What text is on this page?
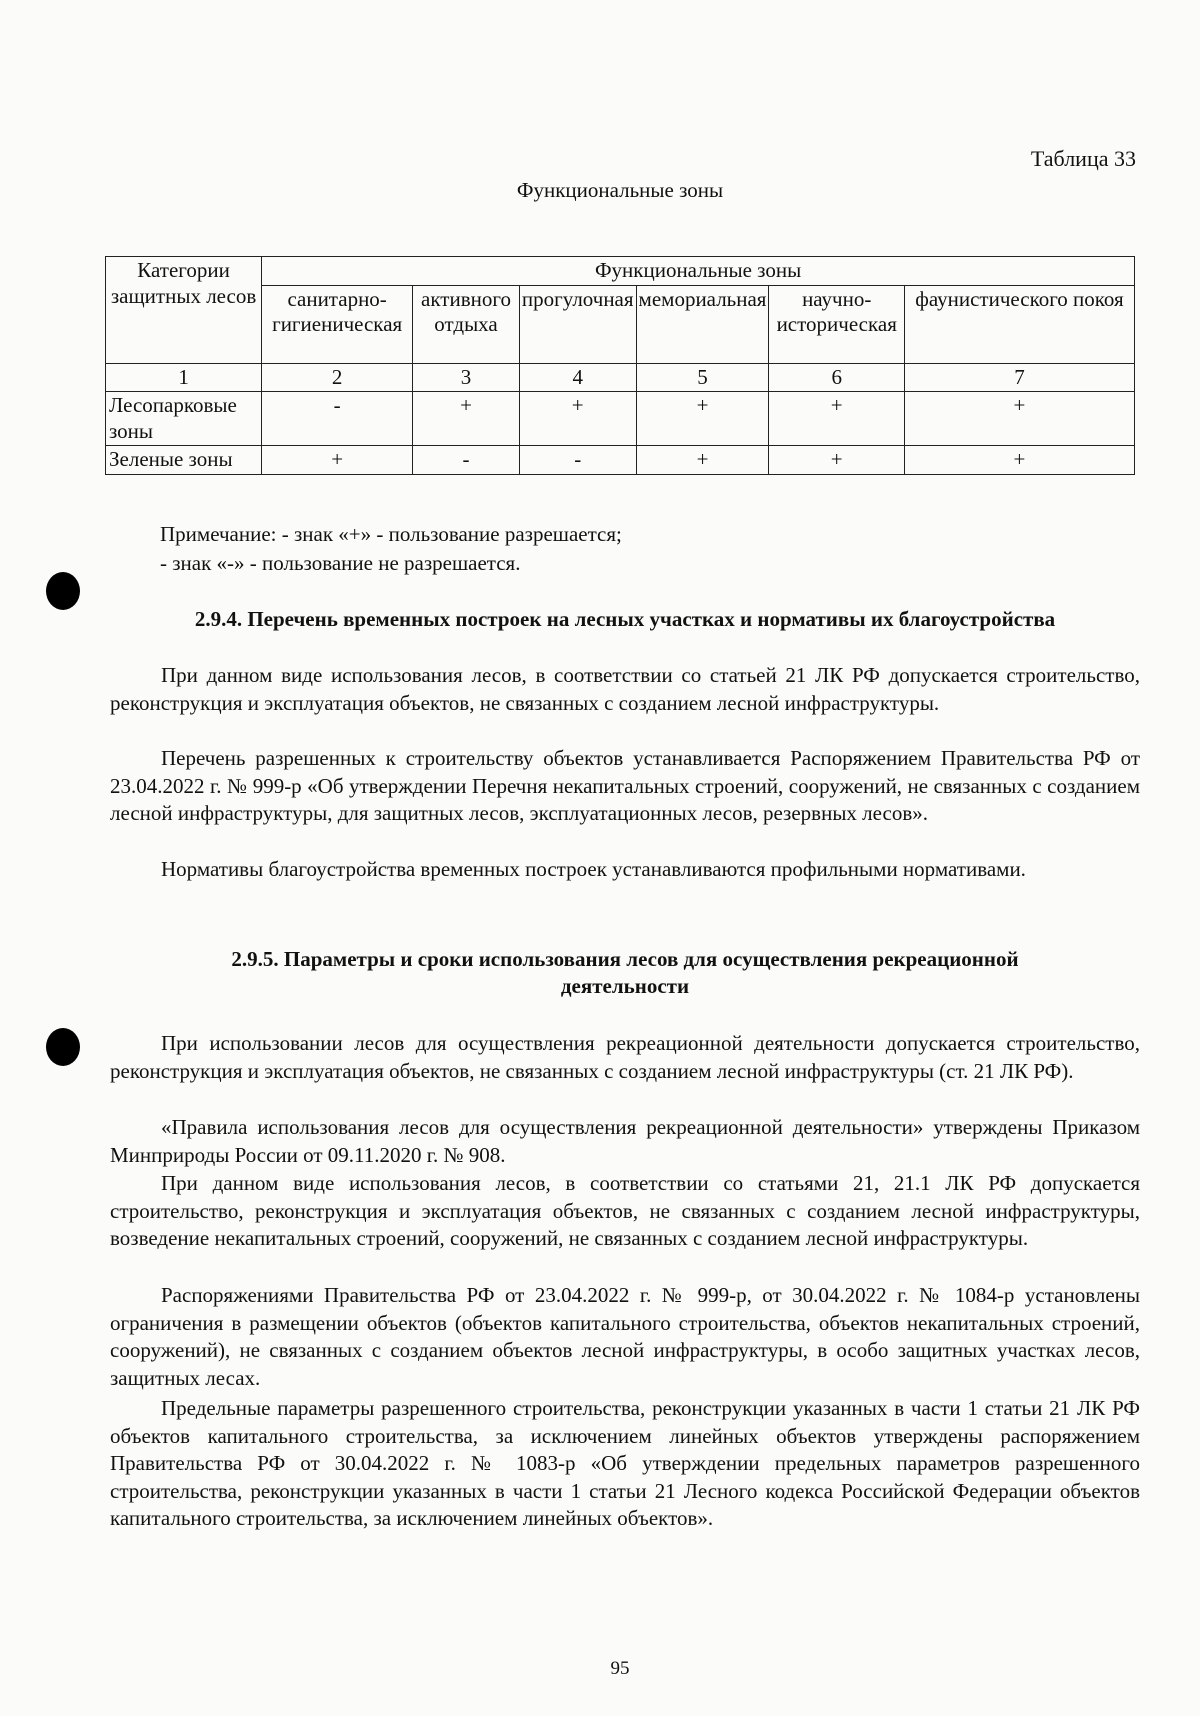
Таблица 33
Функциональные зоны
Категории защитных лесов	Функциональные зоны					
	санитарно-гигиеническая	активного отдыха	прогулочная	мемориальная	научно-историческая	фаунистического покоя
1	2	3	4	5	6	7
Лесопарковые зоны	-	+	+	+	+	+
Зеленые зоны	+	-	-	+	+	+
Примечание: - знак «+» - пользование разрешается;
- знак «-» - пользование не разрешается.
2.9.4. Перечень временных построек на лесных участках и нормативы их благоустройства
При данном виде использования лесов, в соответствии со статьей 21 ЛК РФ допускается строительство, реконструкция и эксплуатация объектов, не связанных с созданием лесной инфраструктуры.
Перечень разрешенных к строительству объектов устанавливается Распоряжением Правительства РФ от 23.04.2022 г. № 999-р «Об утверждении Перечня некапитальных строений, сооружений, не связанных с созданием лесной инфраструктуры, для защитных лесов, эксплуатационных лесов, резервных лесов».
Нормативы благоустройства временных построек устанавливаются профильными нормативами.
2.9.5. Параметры и сроки использования лесов для осуществления рекреационной деятельности
При использовании лесов для осуществления рекреационной деятельности допускается строительство, реконструкция и эксплуатация объектов, не связанных с созданием лесной инфраструктуры (ст. 21 ЛК РФ).
«Правила использования лесов для осуществления рекреационной деятельности» утверждены Приказом Минприроды России от 09.11.2020 г. № 908.
При данном виде использования лесов, в соответствии со статьями 21, 21.1 ЛК РФ допускается строительство, реконструкция и эксплуатация объектов, не связанных с созданием лесной инфраструктуры, возведение некапитальных строений, сооружений, не связанных с созданием лесной инфраструктуры.
Распоряжениями Правительства РФ от 23.04.2022 г. № 999-р, от 30.04.2022 г. № 1084-р установлены ограничения в размещении объектов (объектов капитального строительства, объектов некапитальных строений, сооружений), не связанных с созданием объектов лесной инфраструктуры, в особо защитных участках лесов, защитных лесах.
Предельные параметры разрешенного строительства, реконструкции указанных в части 1 статьи 21 ЛК РФ объектов капитального строительства, за исключением линейных объектов утверждены распоряжением Правительства РФ от 30.04.2022 г. № 1083-р «Об утверждении предельных параметров разрешенного строительства, реконструкции указанных в части 1 статьи 21 Лесного кодекса Российской Федерации объектов капитального строительства, за исключением линейных объектов».
95
